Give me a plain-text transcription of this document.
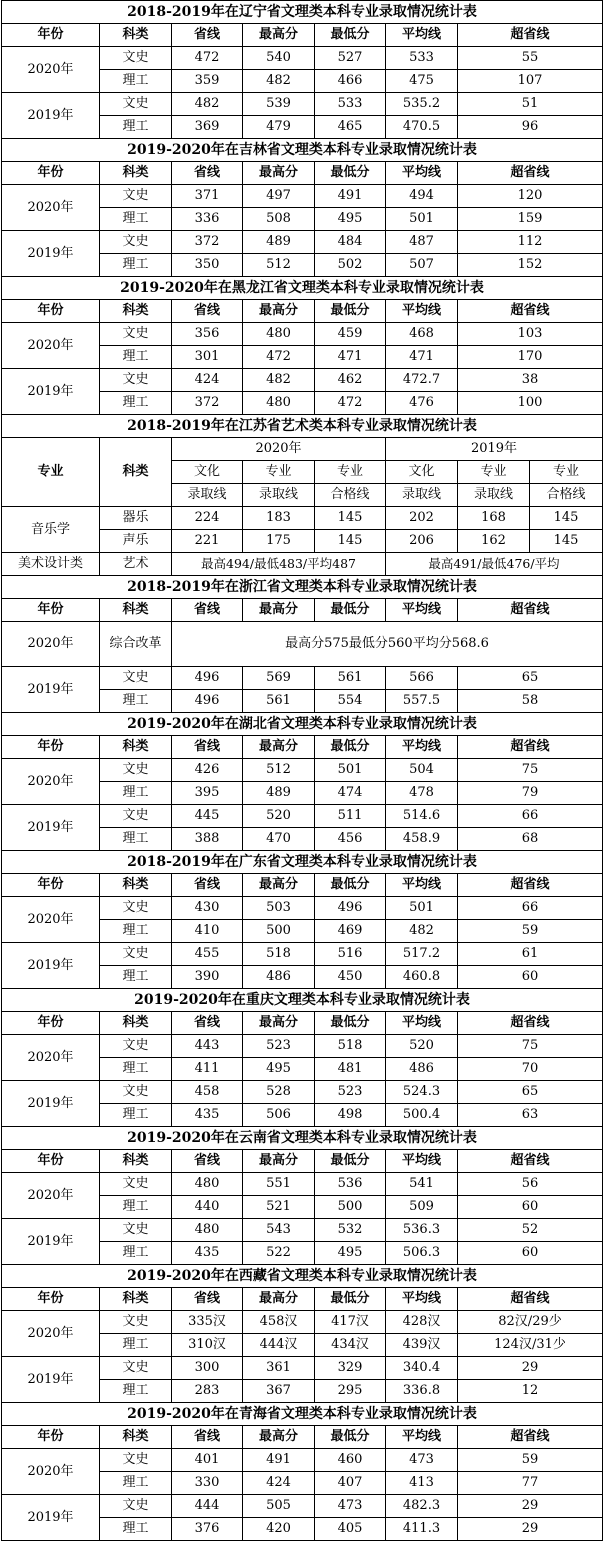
2018-2019年在辽宁省文理类本科专业录取情况统计表							
年份	科类	省线	最高分	最低分	平均线	超省线	
2020年	文史	472	540	527	533	55	
	理工	359	482	466	475	107	
2019年	文史	482	539	533	535.2	51	
	理工	369	479	465	470.5	96	
2019-2020年在吉林省文理类本科专业录取情况统计表							
年份	科类	省线	最高分	最低分	平均线	超省线	
2020年	文史	371	497	491	494	120	
	理工	336	508	495	501	159	
2019年	文史	372	489	484	487	112	
	理工	350	512	502	507	152	
2019-2020年在黑龙江省文理类本科专业录取情况统计表							
年份	科类	省线	最高分	最低分	平均线	超省线	
2020年	文史	356	480	459	468	103	
	理工	301	472	471	471	170	
2019年	文史	424	482	462	472.7	38	
	理工	372	480	472	476	100	
2018-2019年在江苏省艺术类本科专业录取情况统计表							
专业	科类	2020年			2019年		
		文化	专业	专业	文化	专业	专业
		录取线	录取线	合格线	录取线	录取线	合格线
音乐学	器乐	224	183	145	202	168	145
	声乐	221	175	145	206	162	145
美术设计类	艺术	最高494/最低483/平均487			最高491/最低476/平均		
2018-2019年在浙江省文理类本科专业录取情况统计表							
年份	科类	省线	最高分	最低分	平均线	超省线	
2020年	综合改革	最高分575最低分560平均分568.6					
2019年	文史	496	569	561	566	65	
	理工	496	561	554	557.5	58	
2019-2020年在湖北省文理类本科专业录取情况统计表							
年份	科类	省线	最高分	最低分	平均线	超省线	
2020年	文史	426	512	501	504	75	
	理工	395	489	474	478	79	
2019年	文史	445	520	511	514.6	66	
	理工	388	470	456	458.9	68	
2018-2019年在广东省文理类本科专业录取情况统计表							
年份	科类	省线	最高分	最低分	平均线	超省线	
2020年	文史	430	503	496	501	66	
	理工	410	500	469	482	59	
2019年	文史	455	518	516	517.2	61	
	理工	390	486	450	460.8	60	
2019-2020年在重庆文理类本科专业录取情况统计表							
年份	科类	省线	最高分	最低分	平均线	超省线	
2020年	文史	443	523	518	520	75	
	理工	411	495	481	486	70	
2019年	文史	458	528	523	524.3	65	
	理工	435	506	498	500.4	63	
2019-2020年在云南省文理类本科专业录取情况统计表							
年份	科类	省线	最高分	最低分	平均线	超省线	
2020年	文史	480	551	536	541	56	
	理工	440	521	500	509	60	
2019年	文史	480	543	532	536.3	52	
	理工	435	522	495	506.3	60	
2019-2020年在西藏省文理类本科专业录取情况统计表							
年份	科类	省线	最高分	最低分	平均线	超省线	
2020年	文史	335汉	458汉	417汉	428汉	82汉/29少	
	理工	310汉	444汉	434汉	439汉	124汉/31少	
2019年	文史	300	361	329	340.4	29	
	理工	283	367	295	336.8	12	
2019-2020年在青海省文理类本科专业录取情况统计表							
年份	科类	省线	最高分	最低分	平均线	超省线	
2020年	文史	401	491	460	473	59	
	理工	330	424	407	413	77	
2019年	文史	444	505	473	482.3	29	
	理工	376	420	405	411.3	29	
